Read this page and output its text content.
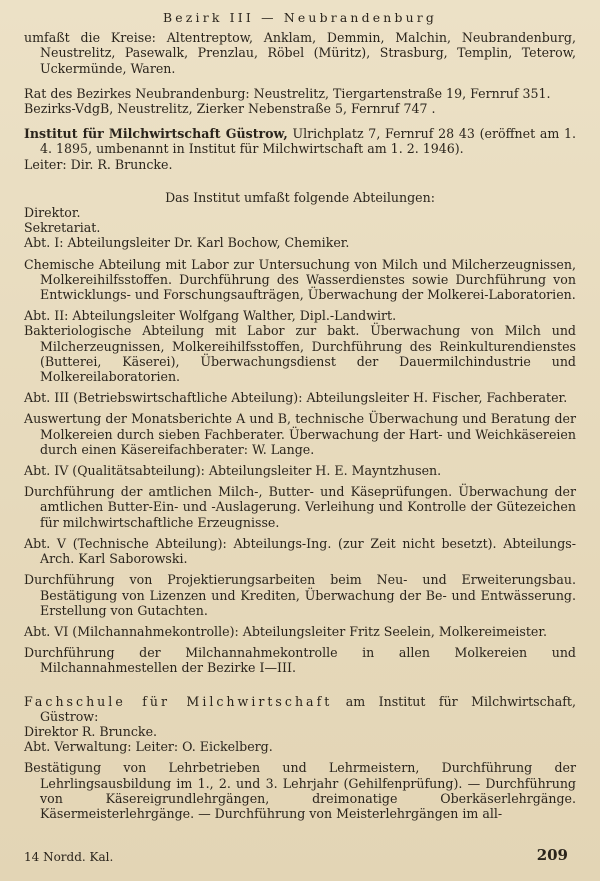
Bezirk III — Neubrandenburg

umfaßt die Kreise: Altentreptow, Anklam, Demmin, Malchin, Neubrandenburg, Neustrelitz, Pasewalk, Prenzlau, Röbel (Müritz), Strasburg, Templin, Teterow, Uckermünde, Waren.

Rat des Bezirkes Neubrandenburg: Neustrelitz, Tiergartenstraße 19, Fernruf 351.

Bezirks-VdgB, Neustrelitz, Zierker Nebenstraße 5, Fernruf 747 .

Institut für Milchwirtschaft Güstrow, Ulrichplatz 7, Fernruf 28 43 (eröffnet am 1. 4. 1895, umbenannt in Institut für Milchwirtschaft am 1. 2. 1946).

Leiter: Dir. R. Bruncke.

Das Institut umfaßt folgende Abteilungen:

Direktor.

Sekretariat.

Abt. I: Abteilungsleiter Dr. Karl Bochow, Chemiker.

Chemische Abteilung mit Labor zur Untersuchung von Milch und Milcherzeugnissen, Molkereihilfsstoffen. Durchführung des Wasserdienstes sowie Durchführung von Entwicklungs- und Forschungsaufträgen, Überwachung der Molkerei-Laboratorien.

Abt. II: Abteilungsleiter Wolfgang Walther, Dipl.-Landwirt.

Bakteriologische Abteilung mit Labor zur bakt. Überwachung von Milch und Milcherzeugnissen, Molkereihilfsstoffen, Durchführung des Reinkulturendienstes (Butterei, Käserei), Überwachungsdienst der Dauermilchindustrie und Molkereilaboratorien.

Abt. III (Betriebswirtschaftliche Abteilung): Abteilungsleiter H. Fischer, Fachberater.

Auswertung der Monatsberichte A und B, technische Überwachung und Beratung der Molkereien durch sieben Fachberater. Überwachung der Hart- und Weichkäsereien durch einen Käsereifachberater: W. Lange.

Abt. IV (Qualitätsabteilung): Abteilungsleiter H. E. Mayntzhusen.

Durchführung der amtlichen Milch-, Butter- und Käseprüfungen. Überwachung der amtlichen Butter-Ein- und -Auslagerung. Verleihung und Kontrolle der Gütezeichen für milchwirtschaftliche Erzeugnisse.

Abt. V (Technische Abteilung): Abteilungs-Ing. (zur Zeit nicht besetzt). Abteilungs-Arch. Karl Saborowski.

Durchführung von Projektierungsarbeiten beim Neu- und Erweiterungsbau. Bestätigung von Lizenzen und Krediten, Überwachung der Be- und Entwässerung. Erstellung von Gutachten.

Abt. VI (Milchannahmekontrolle): Abteilungsleiter Fritz Seelein, Molkereimeister.

Durchführung der Milchannahmekontrolle in allen Molkereien und Milchannahmestellen der Bezirke I—III.

Fachschule für Milchwirtschaft am Institut für Milchwirtschaft, Güstrow:

Direktor R. Bruncke.

Abt. Verwaltung: Leiter: O. Eickelberg.

Bestätigung von Lehrbetrieben und Lehrmeistern, Durchführung der Lehrlingsausbildung im 1., 2. und 3. Lehrjahr (Gehilfenprüfung). — Durchführung von Käsereigrundlehrgängen, dreimonatige Oberkäserlehrgänge. Käsermeisterlehrgänge. — Durchführung von Meisterlehrgängen im all-

14 Nordd. Kal.	209
